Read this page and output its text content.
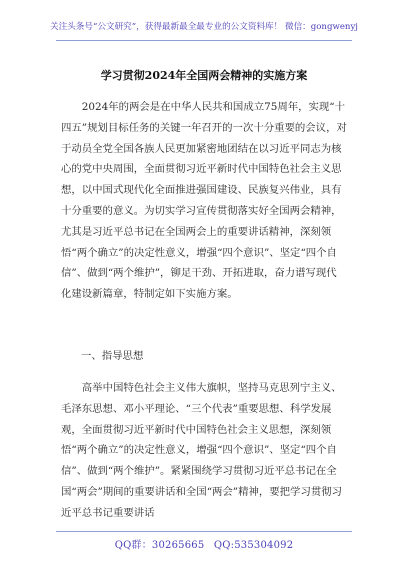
关注头条号“公文研究”，获得最新最全最专业的公文资料库！ 微信：gongwenyj
学习贯彻2024年全国两会精神的实施方案

2024年的两会是在中华人民共和国成立75周年，实现“十四五”规划目标任务的关键一年召开的一次十分重要的会议，对于动员全党全国各族人民更加紧密地团结在以习近平同志为核心的党中央周围，全面贯彻习近平新时代中国特色社会主义思想，以中国式现代化全面推进强国建设、民族复兴伟业，具有十分重要的意义。为切实学习宣传贯彻落实好全国两会精神，尤其是习近平总书记在全国两会上的重要讲话精神，深刻领悟“两个确立”的决定性意义，增强“四个意识”、坚定“四个自信”、做到“两个维护”，铆足干劲、开拓进取，奋力谱写现代化建设新篇章，特制定如下实施方案。

一、指导思想

高举中国特色社会主义伟大旗帜，坚持马克思列宁主义、毛泽东思想、邓小平理论、“三个代表”重要思想、科学发展观，全面贯彻习近平新时代中国特色社会主义思想，深刻领悟“两个确立”的决定性意义，增强“四个意识”、坚定“四个自信”、做到“两个维护”。紧紧围绕学习贯彻习近平总书记在全国“两会”期间的重要讲话和全国“两会”精神，要把学习贯彻习近平总书记重要讲话

QQ群：30265665 QQ:535304092
